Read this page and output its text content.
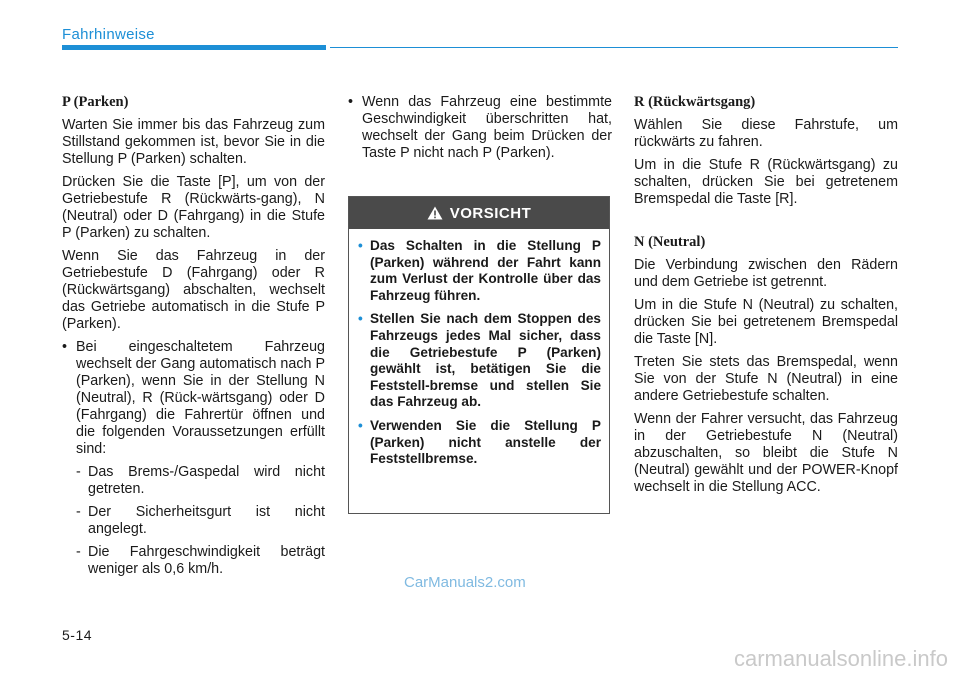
Fahrhinweise
P (Parken)

Warten Sie immer bis das Fahrzeug zum Stillstand gekommen ist, bevor Sie in die Stellung P (Parken) schalten.

Drücken Sie die Taste [P], um von der Getriebestufe R (Rückwärts-gang), N (Neutral) oder D (Fahrgang) in die Stufe P (Parken) zu schalten.

Wenn Sie das Fahrzeug in der Getriebestufe D (Fahrgang) oder R (Rückwärtsgang) abschalten, wechselt das Getriebe automatisch in die Stufe P (Parken).

• Bei eingeschaltetem Fahrzeug wechselt der Gang automatisch nach P (Parken), wenn Sie in der Stellung N (Neutral), R (Rück-wärtsgang) oder D (Fahrgang) die Fahrertür öffnen und die folgenden Voraussetzungen erfüllt sind:
- Das Brems-/Gaspedal wird nicht getreten.
- Der Sicherheitsgurt ist nicht angelegt.
- Die Fahrgeschwindigkeit beträgt weniger als 0,6 km/h.
• Wenn das Fahrzeug eine bestimmte Geschwindigkeit überschritten hat, wechselt der Gang beim Drücken der Taste P nicht nach P (Parken).
VORSICHT
• Das Schalten in die Stellung P (Parken) während der Fahrt kann zum Verlust der Kontrolle über das Fahrzeug führen.
• Stellen Sie nach dem Stoppen des Fahrzeugs jedes Mal sicher, dass die Getriebestufe P (Parken) gewählt ist, betätigen Sie die Feststell-bremse und stellen Sie das Fahrzeug ab.
• Verwenden Sie die Stellung P (Parken) nicht anstelle der Feststellbremse.
R (Rückwärtsgang)

Wählen Sie diese Fahrstufe, um rückwärts zu fahren.

Um in die Stufe R (Rückwärtsgang) zu schalten, drücken Sie bei getretenem Bremspedal die Taste [R].

N (Neutral)

Die Verbindung zwischen den Rädern und dem Getriebe ist getrennt.

Um in die Stufe N (Neutral) zu schalten, drücken Sie bei getretenem Bremspedal die Taste [N].

Treten Sie stets das Bremspedal, wenn Sie von der Stufe N (Neutral) in eine andere Getriebestufe schalten.

Wenn der Fahrer versucht, das Fahrzeug in der Getriebestufe N (Neutral) abzuschalten, so bleibt die Stufe N (Neutral) gewählt und der POWER-Knopf wechselt in die Stellung ACC.

CarManuals2.com
5-14
carmanualsonline.info
